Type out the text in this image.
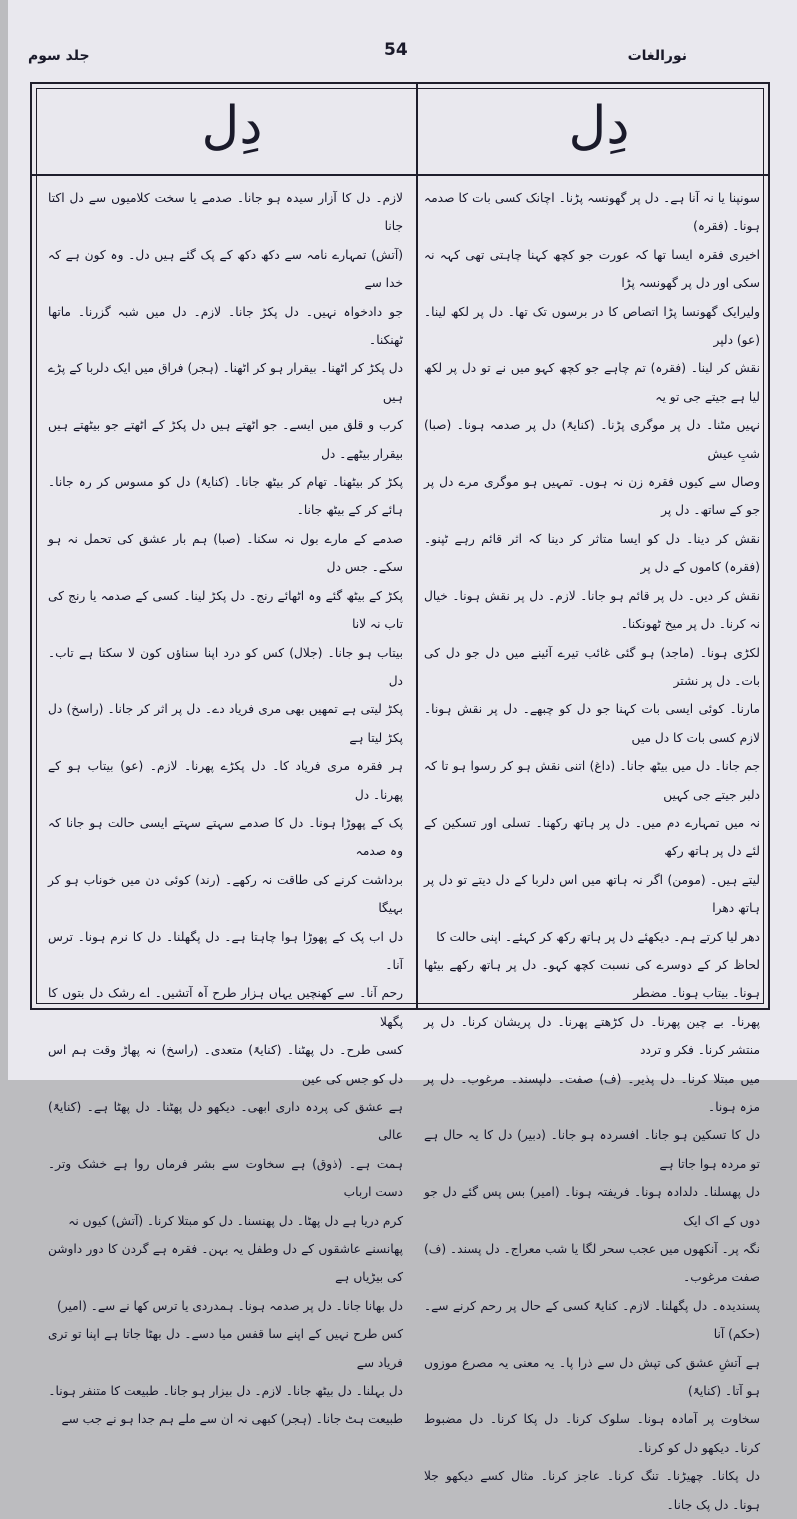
54	نورالغات
جلد سوم
دِل
دِل

سونپنا یا نہ آنا ہے۔ دل پر گھونسہ پڑنا۔ اچانک کسی بات کا صدمہ ہونا۔ (فقرہ)

اخیری فقرہ ایسا تھا کہ عورت جو کچھ کہنا چاہتی تھی کہہ نہ سکی اور دل پر گھونسہ پڑا

ولیرایک گھونسا پڑا اتصاص کا در برسوں تک تھا۔ دل پر لکھ لینا۔ (عو) دلپر

نقش کر لینا۔ (فقرہ) تم چاہے جو کچھ کہو میں نے تو دل پر لکھ لیا ہے جیتے جی تو یہ

نہیں مٹنا۔ دل پر موگری پڑنا۔ (کنایۃً) دل پر صدمہ ہونا۔ (صبا) شبِ عیش

وصال سے کیوں فقرہ زن نہ ہوں۔ تمہیں ہو موگری مرے دل پر جو کے ساتھ۔ دل پر

نقش کر دینا۔ دل کو ایسا متاثر کر دینا کہ اثر قائم رہے ٹپنو۔ (فقرہ) کاموں کے دل پر

نقش کر دیں۔ دل پر قائم ہو جانا۔ لازم۔ دل پر نقش ہونا۔ خیال نہ کرنا۔ دل پر میخ ٹھونکنا۔

لکڑی ہونا۔ (ماجد) ہو گئی غائب تیرے آئینے میں دل جو دل کی بات۔ دل پر نشتر

مارنا۔ کوئی ایسی بات کہنا جو دل کو چبھے۔ دل پر نقش ہونا۔ لازم کسی بات کا دل میں

جم جانا۔ دل میں بیٹھ جانا۔ (داغ) اتنی نقش ہو کر رسوا ہو تا کہ دلبر جیتے جی کہیں

نہ میں تمہارے دم میں۔ دل پر ہاتھ رکھنا۔ تسلی اور تسکین کے لئے دل پر ہاتھ رکھ

لیتے ہیں۔ (مومن) اگر نہ ہاتھ میں اس دلربا کے دل دیتے تو دل پر ہاتھ دھرا

دھر لیا کرتے ہم۔ دیکھئے دل پر ہاتھ رکھ کر کہئے۔ اپنی حالت کا

لحاظ کر کے دوسرے کی نسبت کچھ کہو۔ دل پر ہاتھ رکھے بیٹھا ہونا۔ بیتاب ہونا۔ مضطر

پھرنا۔ بے چین پھرنا۔ دل کڑھتے پھرنا۔ دل پریشان کرنا۔ دل پر منتشر کرنا۔ فکر و تردد

میں مبتلا کرنا۔ دل پذیر۔ (ف) صفت۔ دلپسند۔ مرغوب۔ دل پر مزہ ہونا۔

دل کا تسکین ہو جانا۔ افسردہ ہو جانا۔ (دبیر) دل کا یہ حال ہے تو مردہ ہوا جاتا ہے

دل پھسلنا۔ دلدادہ ہونا۔ فریفتہ ہونا۔ (امیر) بس پس گئے دل جو دوں کے اک ایک

نگہ پر۔ آنکھوں میں عجب سحر لگا یا شب معراج۔ دل پسند۔ (ف) صفت مرغوب۔

پسندیدہ۔ دل پگھلنا۔ لازم۔ کنایۃً کسی کے حال پر رحم کرنے سے۔ (حکم) آنا

ہے آتشِ عشق کی تپش دل سے ذرا پا۔ یہ معنی یہ مصرع موزوں ہو آتا۔ (کنایۃً)

سخاوت پر آمادہ ہونا۔ سلوک کرنا۔ دل پکا کرنا۔ دل مضبوط کرنا۔ دیکھو دل کو کرنا۔

دل پکانا۔ چھیڑنا۔ تنگ کرنا۔ عاجز کرنا۔ مثال کسے دیکھو جلا ہونا۔ دل پک جانا۔

لازم۔ دل کا آزار سیدہ ہو جانا۔ صدمے یا سخت کلامیوں سے دل اکتا جانا

(آتش) تمہارے نامہ سے دکھ دکھ کے پک گئے ہیں دل۔ وہ کون ہے کہ خدا سے

جو دادخواہ نہیں۔ دل پکڑ جانا۔ لازم۔ دل میں شبہ گزرنا۔ ماتھا ٹھنکنا۔

دل پکڑ کر اٹھنا۔ بیقرار ہو کر اٹھنا۔ (ہجر) فراق میں ایک دلربا کے پڑے ہیں

کرب و قلق میں ایسے۔ جو اٹھتے ہیں دل پکڑ کے اٹھتے جو بیٹھتے ہیں بیقرار بیٹھے۔ دل

پکڑ کر بیٹھنا۔ تھام کر بیٹھ جانا۔ (کنایۃً) دل کو مسوس کر رہ جانا۔ ہائے کر کے بیٹھ جانا۔

صدمے کے مارے بول نہ سکنا۔ (صبا) ہم بار عشق کی تحمل نہ ہو سکے۔ جس دل

پکڑ کے بیٹھ گئے وہ اٹھائے رنج۔ دل پکڑ لینا۔ کسی کے صدمہ یا رنج کی تاب نہ لانا

بیتاب ہو جانا۔ (جلال) کس کو درد اپنا سناؤں کون لا سکتا ہے تاب۔ دل

پکڑ لیتی ہے تمھیں بھی مری فریاد دے۔ دل پر اثر کر جانا۔ (راسخ) دل پکڑ لیتا ہے

ہر فقرہ مری فریاد کا۔ دل پکڑے پھرنا۔ لازم۔ (عو) بیتاب ہو کے پھرنا۔ دل

پک کے پھوڑا ہونا۔ دل کا صدمے سہتے سہتے ایسی حالت ہو جانا کہ وہ صدمہ

برداشت کرنے کی طاقت نہ رکھے۔ (رند) کوئی دن میں خوناب ہو کر بہیگا

دل اب پک کے پھوڑا ہوا چاہتا ہے۔ دل پگھلنا۔ دل کا نرم ہونا۔ ترس آنا۔

رحم آنا۔ سے کھنچیں یہاں ہزار طرح آہ آتشیں۔ اے رشک دل بتوں کا پگھلا

کسی طرح۔ دل پھٹنا۔ (کنایۃً) متعدی۔ (راسخ) نہ پھاڑ وقت ہم اس دل کو جس کی عین

ہے عشق کی پردہ داری ابھی۔ دیکھو دل پھٹنا۔ دل پھٹا ہے۔ (کنایۃً) عالی

ہمت ہے۔ (ذوق) ہے سخاوت سے بشر فرماں روا ہے خشک وتر۔ دست ارباب

کرم دریا ہے دل پھٹا۔ دل پھنسنا۔ دل کو مبتلا کرنا۔ (آتش) کیوں نہ

پھانسنے عاشقوں کے دل وطفل یہ بہن۔ فقرہ ہے گردن کا دور داوشن کی بیڑیاں ہے

دل بھانا جانا۔ دل پر صدمہ ہونا۔ ہمدردی یا ترس کھا نے سے۔ (امیر)

کس طرح نہیں کے اپنے سا قفس میا دسے۔ دل بھٹا جاتا ہے اپنا تو تری فریاد سے

دل بہلنا۔ دل بیٹھ جانا۔ لازم۔ دل بیزار ہو جانا۔ طبیعت کا متنفر ہونا۔

طبیعت ہٹ جانا۔ (ہجر) کبھی نہ ان سے ملے ہم جدا ہو نے جب سے
